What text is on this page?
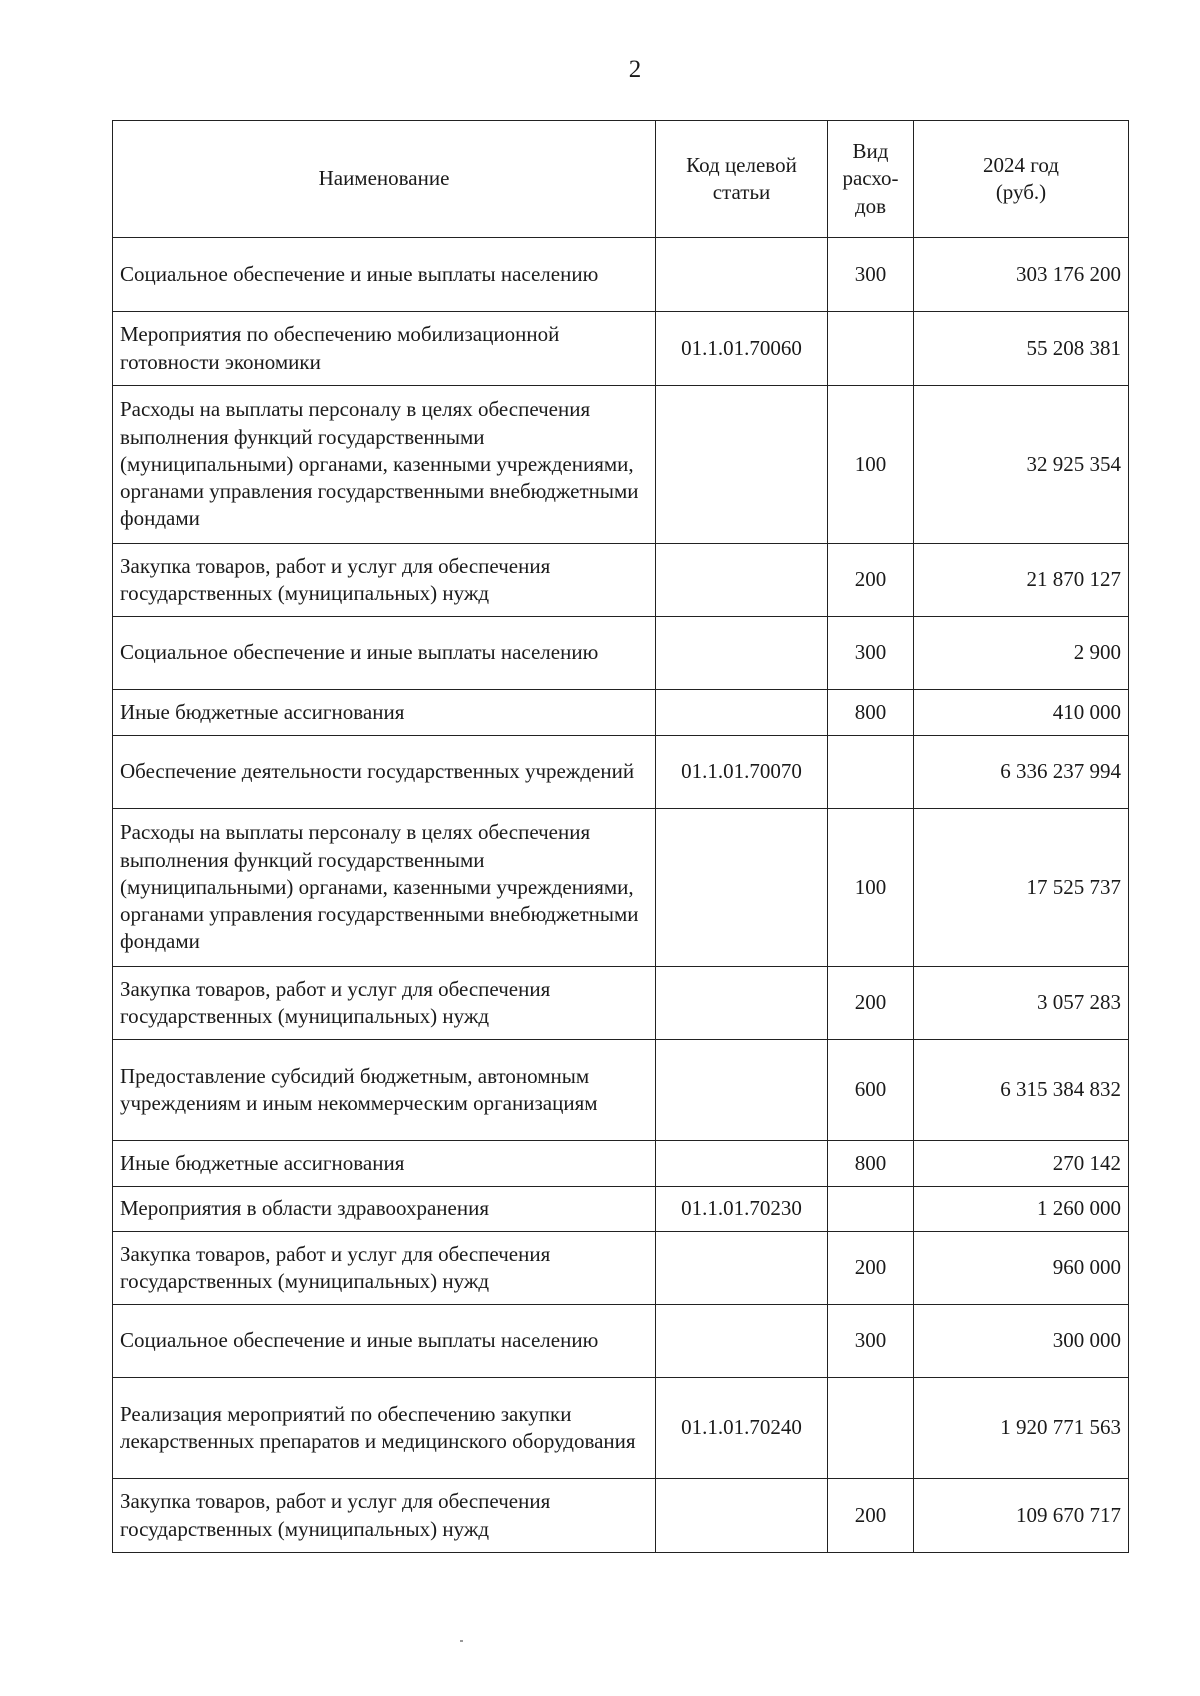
2
Наименование	Код целевой статьи	Вид расхо-дов	2024 год (руб.)
Социальное обеспечение и иные выплаты населению		300	303 176 200
Мероприятия по обеспечению мобилизационной готовности экономики	01.1.01.70060		55 208 381
Расходы на выплаты персоналу в целях обеспечения выполнения функций государственными (муниципальными) органами, казенными учреждениями, органами управления государственными внебюджетными фондами		100	32 925 354
Закупка товаров, работ и услуг для обеспечения государственных (муниципальных) нужд		200	21 870 127
Социальное обеспечение и иные выплаты населению		300	2 900
Иные бюджетные ассигнования		800	410 000
Обеспечение деятельности государственных учреждений	01.1.01.70070		6 336 237 994
Расходы на выплаты персоналу в целях обеспечения выполнения функций государственными (муниципальными) органами, казенными учреждениями, органами управления государственными внебюджетными фондами		100	17 525 737
Закупка товаров, работ и услуг для обеспечения государственных (муниципальных) нужд		200	3 057 283
Предоставление субсидий бюджетным, автономным учреждениям и иным некоммерческим организациям		600	6 315 384 832
Иные бюджетные ассигнования		800	270 142
Мероприятия в области здравоохранения	01.1.01.70230		1 260 000
Закупка товаров, работ и услуг для обеспечения государственных (муниципальных) нужд		200	960 000
Социальное обеспечение и иные выплаты населению		300	300 000
Реализация мероприятий по обеспечению закупки лекарственных препаратов и медицинского оборудования	01.1.01.70240		1 920 771 563
Закупка товаров, работ и услуг для обеспечения государственных (муниципальных) нужд		200	109 670 717
